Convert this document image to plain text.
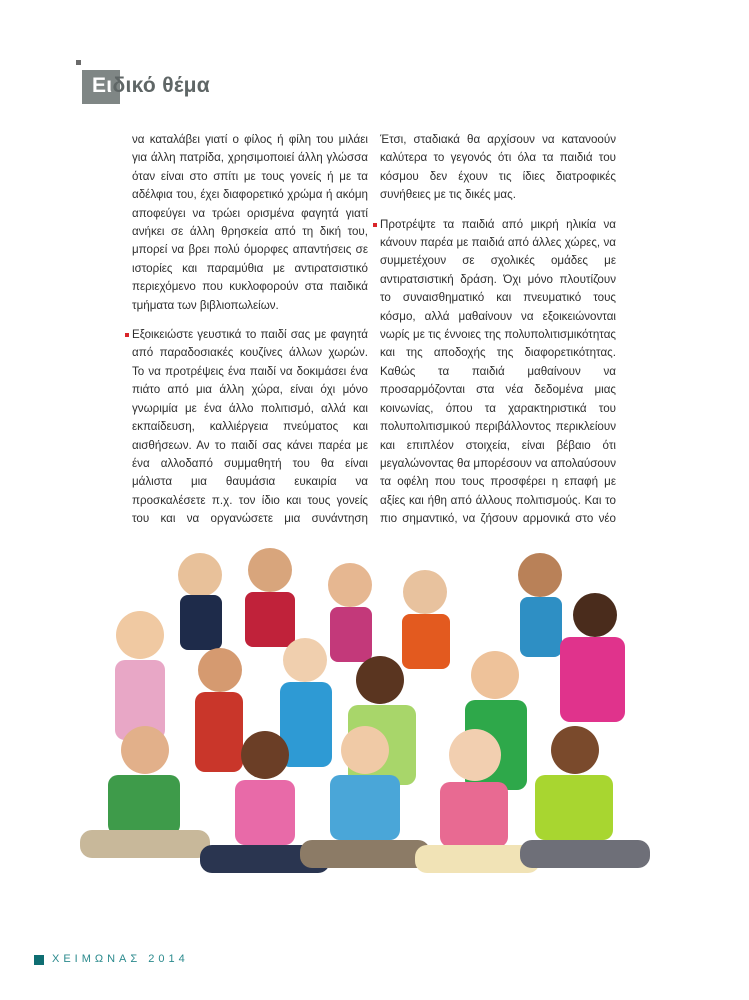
Ειδικό θέμα

να καταλάβει γιατί ο φίλος ή φίλη του μιλάει για άλλη πατρίδα, χρησιμοποιεί άλλη γλώσσα όταν είναι στο σπίτι με τους γονείς ή με τα αδέλφια του, έχει διαφορετικό χρώμα ή ακόμη αποφεύγει να τρώει ορισμένα φαγητά γιατί ανήκει σε άλλη θρησκεία από τη δική του, μπορεί να βρει πολύ όμορφες απαντήσεις σε ιστορίες και παραμύθια με αντιρατσιστικό περιεχόμενο που κυκλοφορούν στα παιδικά τμήματα των βιβλιοπωλείων.

Εξοικειώστε γευστικά το παιδί σας με φαγητά από παραδοσιακές κουζίνες άλλων χωρών. Το να προτρέψεις ένα παιδί να δοκιμάσει ένα πιάτο από μια άλλη χώρα, είναι όχι μόνο γνωριμία με ένα άλλο πολιτισμό, αλλά και εκπαίδευση, καλλιέργεια πνεύματος και αισθήσεων. Αν το παιδί σας κάνει παρέα με ένα αλλοδαπό συμμαθητή του θα είναι μάλιστα μια θαυμάσια ευκαιρία να προσκαλέσετε π.χ. τον ίδιο και τους γονείς του και να οργανώσετε μια συνάντηση

Έτσι, σταδιακά θα αρχίσουν να κατανοούν καλύτερα το γεγονός ότι όλα τα παιδιά του κόσμου δεν έχουν τις ίδιες διατροφικές συνήθειες με τις δικές μας.

Προτρέψτε τα παιδιά από μικρή ηλικία να κάνουν παρέα με παιδιά από άλλες χώρες, να συμμετέχουν σε σχολικές ομάδες με αντιρατσιστική δράση. Όχι μόνο πλουτίζουν το συναισθηματικό και πνευματικό τους κόσμο, αλλά μαθαίνουν να εξοικειώνονται νωρίς με τις έννοιες της πολυπολιτισμικότητας και της αποδοχής της διαφορετικότητας. Καθώς τα παιδιά μαθαίνουν να προσαρμόζονται στα νέα δεδομένα μιας κοινωνίας, όπου τα χαρακτηριστικά του πολυπολιτισμικού περιβάλλοντος περικλείουν και επιπλέον στοιχεία, είναι βέβαιο ότι μεγαλώνοντας θα μπορέσουν να απολαύσουν τα οφέλη που τους προσφέρει η επαφή με αξίες και ήθη από άλλους πολιτισμούς. Και το πιο σημαντικό, να ζήσουν αρμονικά στο νέο

ΧΕΙΜΩΝΑΣ 2014
